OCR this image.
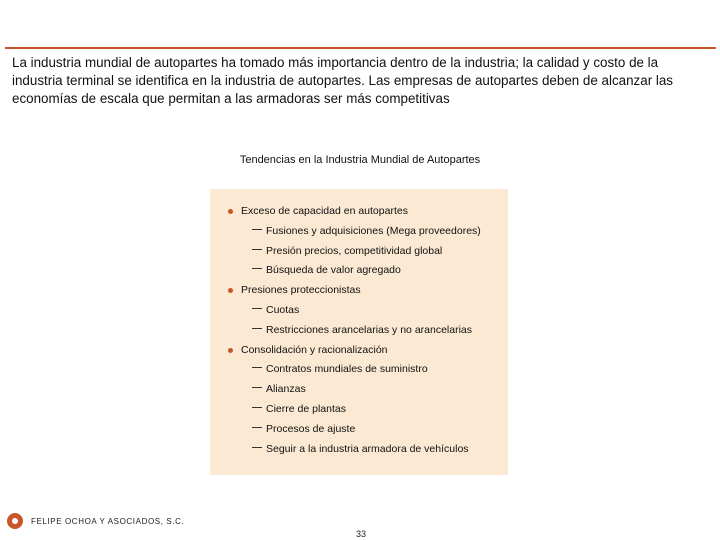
La industria mundial de autopartes ha tomado más importancia dentro de la industria; la calidad y costo de la

industria terminal se identifica en la industria de autopartes. Las empresas de autopartes deben de alcanzar las

economías de escala que permitan a las armadoras ser más competitivas

Tendencias en la Industria Mundial de Autopartes
Exceso de capacidad en autopartes
Fusiones y adquisiciones (Mega proveedores)
Presión precios, competitividad global
Búsqueda de valor agregado
Presiones proteccionistas
Cuotas
Restricciones arancelarias y no arancelarias
Consolidación y racionalización
Contratos mundiales de suministro
Alianzas
Cierre de plantas
Procesos de ajuste
Seguir a la industria armadora de vehículos
FELIPE OCHOA Y ASOCIADOS, S.C.
33
